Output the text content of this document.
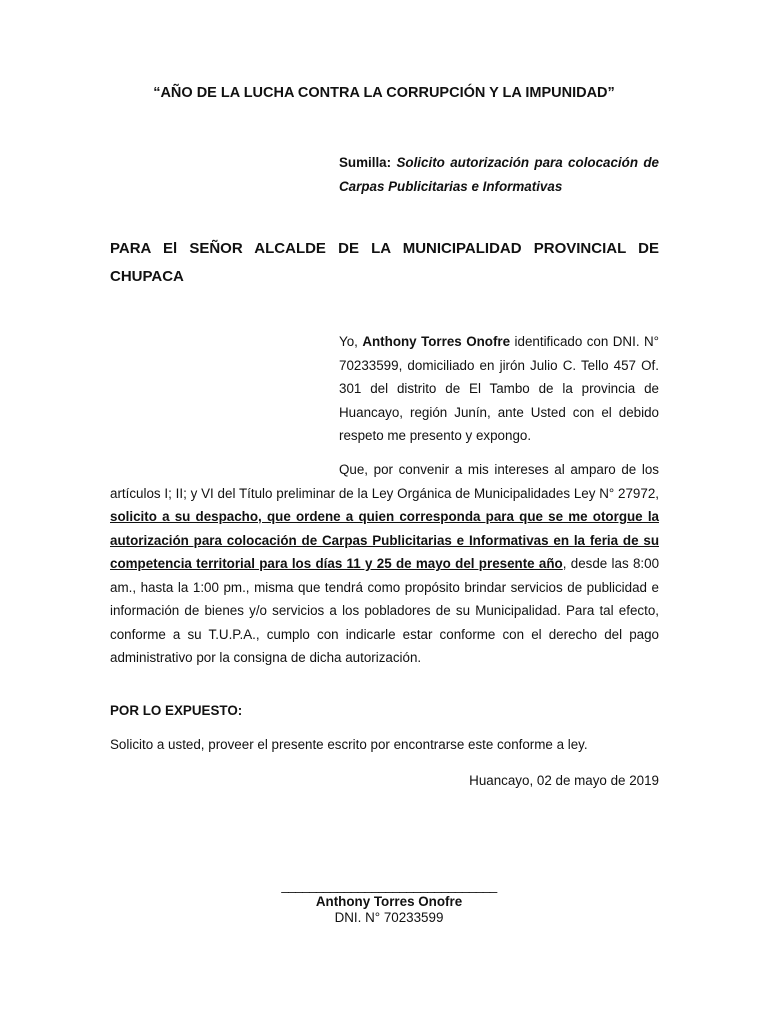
“AÑO DE LA LUCHA CONTRA LA CORRUPCIÓN Y LA IMPUNIDAD”
Sumilla: Solicito autorización para colocación de Carpas Publicitarias e Informativas
PARA El SEÑOR ALCALDE DE LA MUNICIPALIDAD PROVINCIAL DE CHUPACA
Yo, Anthony Torres Onofre identificado con DNI. N° 70233599, domiciliado en jirón Julio C. Tello 457 Of. 301 del distrito de El Tambo de la provincia de Huancayo, región Junín, ante Usted con el debido respeto me presento y expongo.
Que, por convenir a mis intereses al amparo de los artículos I; II; y VI del Título preliminar de la Ley Orgánica de Municipalidades Ley N° 27972, solicito a su despacho, que ordene a quien corresponda para que se me otorgue la autorización para colocación de Carpas Publicitarias e Informativas en la feria de su competencia territorial para los días 11 y 25 de mayo del presente año, desde las 8:00 am., hasta la 1:00 pm., misma que tendrá como propósito brindar servicios de publicidad e información de bienes y/o servicios a los pobladores de su Municipalidad. Para tal efecto, conforme a su T.U.P.A., cumplo con indicarle estar conforme con el derecho del pago administrativo por la consigna de dicha autorización.
POR LO EXPUESTO:
Solicito a usted, proveer el presente escrito por encontrarse este conforme a ley.
Huancayo, 02 de mayo de 2019
_______________________________
Anthony Torres Onofre
DNI. N° 70233599
